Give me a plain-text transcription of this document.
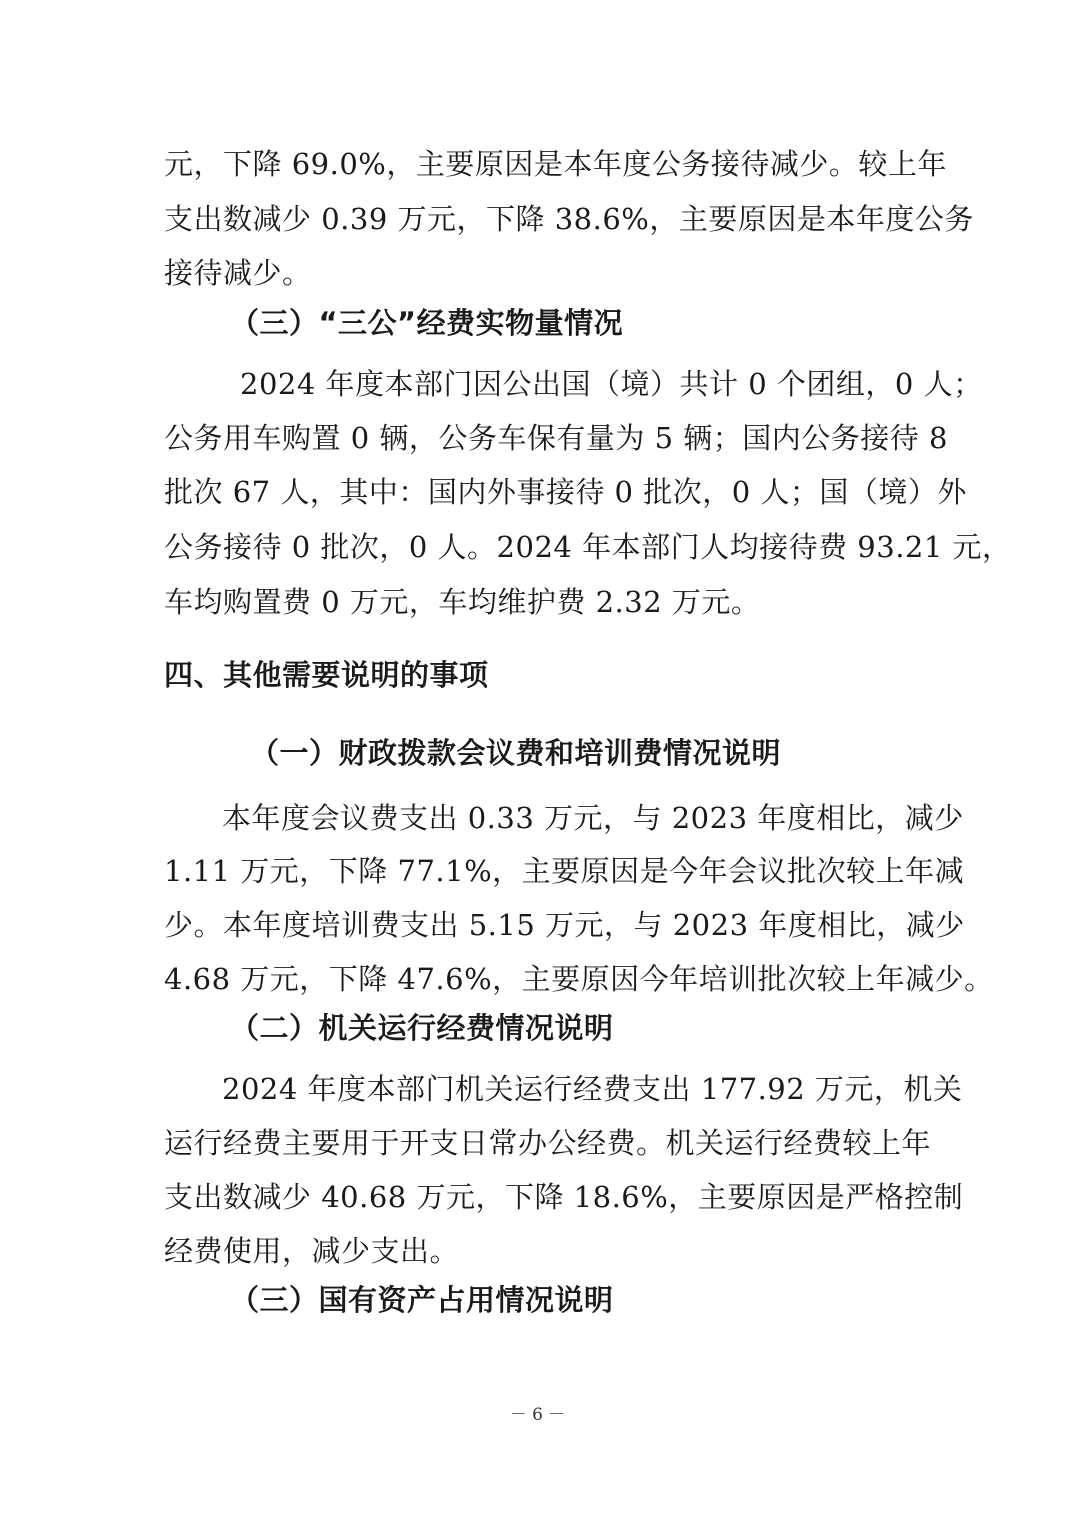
元，下降 69.0%，主要原因是本年度公务接待减少。较上年
支出数减少 0.39 万元，下降 38.6%，主要原因是本年度公务
接待减少。
（三）“三公”经费实物量情况
2024 年度本部门因公出国（境）共计 0 个团组，0 人；
公务用车购置 0 辆，公务车保有量为 5 辆；国内公务接待 8
批次 67 人，其中：国内外事接待 0 批次，0 人；国（境）外
公务接待 0 批次，0 人。2024 年本部门人均接待费 93.21 元，
车均购置费 0 万元，车均维护费 2.32 万元。
四、其他需要说明的事项
（一）财政拨款会议费和培训费情况说明
本年度会议费支出 0.33 万元，与 2023 年度相比，减少
1.11 万元，下降 77.1%，主要原因是今年会议批次较上年减
少。本年度培训费支出 5.15 万元，与 2023 年度相比，减少
4.68 万元，下降 47.6%，主要原因今年培训批次较上年减少。
（二）机关运行经费情况说明
2024 年度本部门机关运行经费支出 177.92 万元，机关
运行经费主要用于开支日常办公经费。机关运行经费较上年
支出数减少 40.68 万元，下降 18.6%，主要原因是严格控制
经费使用，减少支出。
（三）国有资产占用情况说明
－ 6 －
